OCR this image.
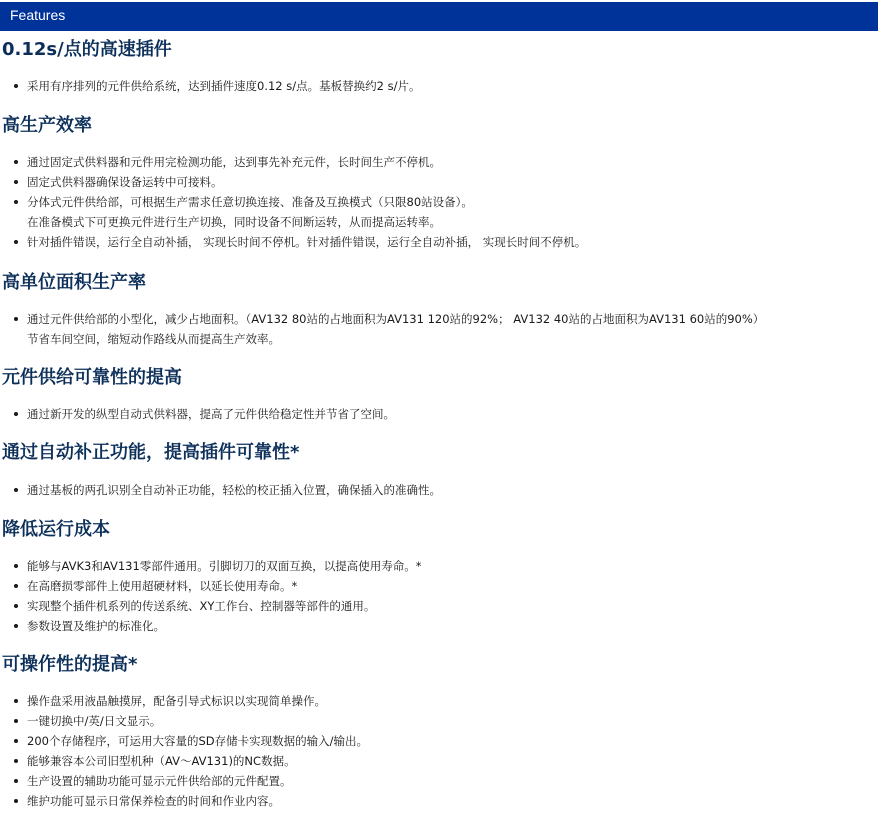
Features
0.12s/点的高速插件
采用有序排列的元件供给系统，达到插件速度0.12 s/点。基板替换约2 s/片。
高生产效率
通过固定式供料器和元件用完检测功能，达到事先补充元件，长时间生产不停机。
固定式供料器确保设备运转中可接料。
分体式元件供给部，可根据生产需求任意切换连接、准备及互换模式（只限80站设备）。
在准备模式下可更换元件进行生产切换，同时设备不间断运转，从而提高运转率。
针对插件错误，运行全自动补插， 实现长时间不停机。针对插件错误，运行全自动补插， 实现长时间不停机。
高单位面积生产率
通过元件供给部的小型化，减少占地面积。（AV132 80站的占地面积为AV131 120站的92%； AV132 40站的占地面积为AV131 60站的90%）
节省车间空间，缩短动作路线从而提高生产效率。
元件供给可靠性的提高
通过新开发的纵型自动式供料器，提高了元件供给稳定性并节省了空间。
通过自动补正功能，提高插件可靠性*
通过基板的两孔识别全自动补正功能，轻松的校正插入位置，确保插入的准确性。
降低运行成本
能够与AVK3和AV131零部件通用。引脚切刀的双面互换，以提高使用寿命。*
在高磨损零部件上使用超硬材料，以延长使用寿命。*
实现整个插件机系列的传送系统、XY工作台、控制器等部件的通用。
参数设置及维护的标准化。
可操作性的提高*
操作盘采用液晶触摸屏，配备引导式标识以实现简单操作。
一键切换中/英/日文显示。
200个存储程序，可运用大容量的SD存储卡实现数据的输入/输出。
能够兼容本公司旧型机种（AV～AV131)的NC数据。
生产设置的辅助功能可显示元件供给部的元件配置。
维护功能可显示日常保养检查的时间和作业内容。
